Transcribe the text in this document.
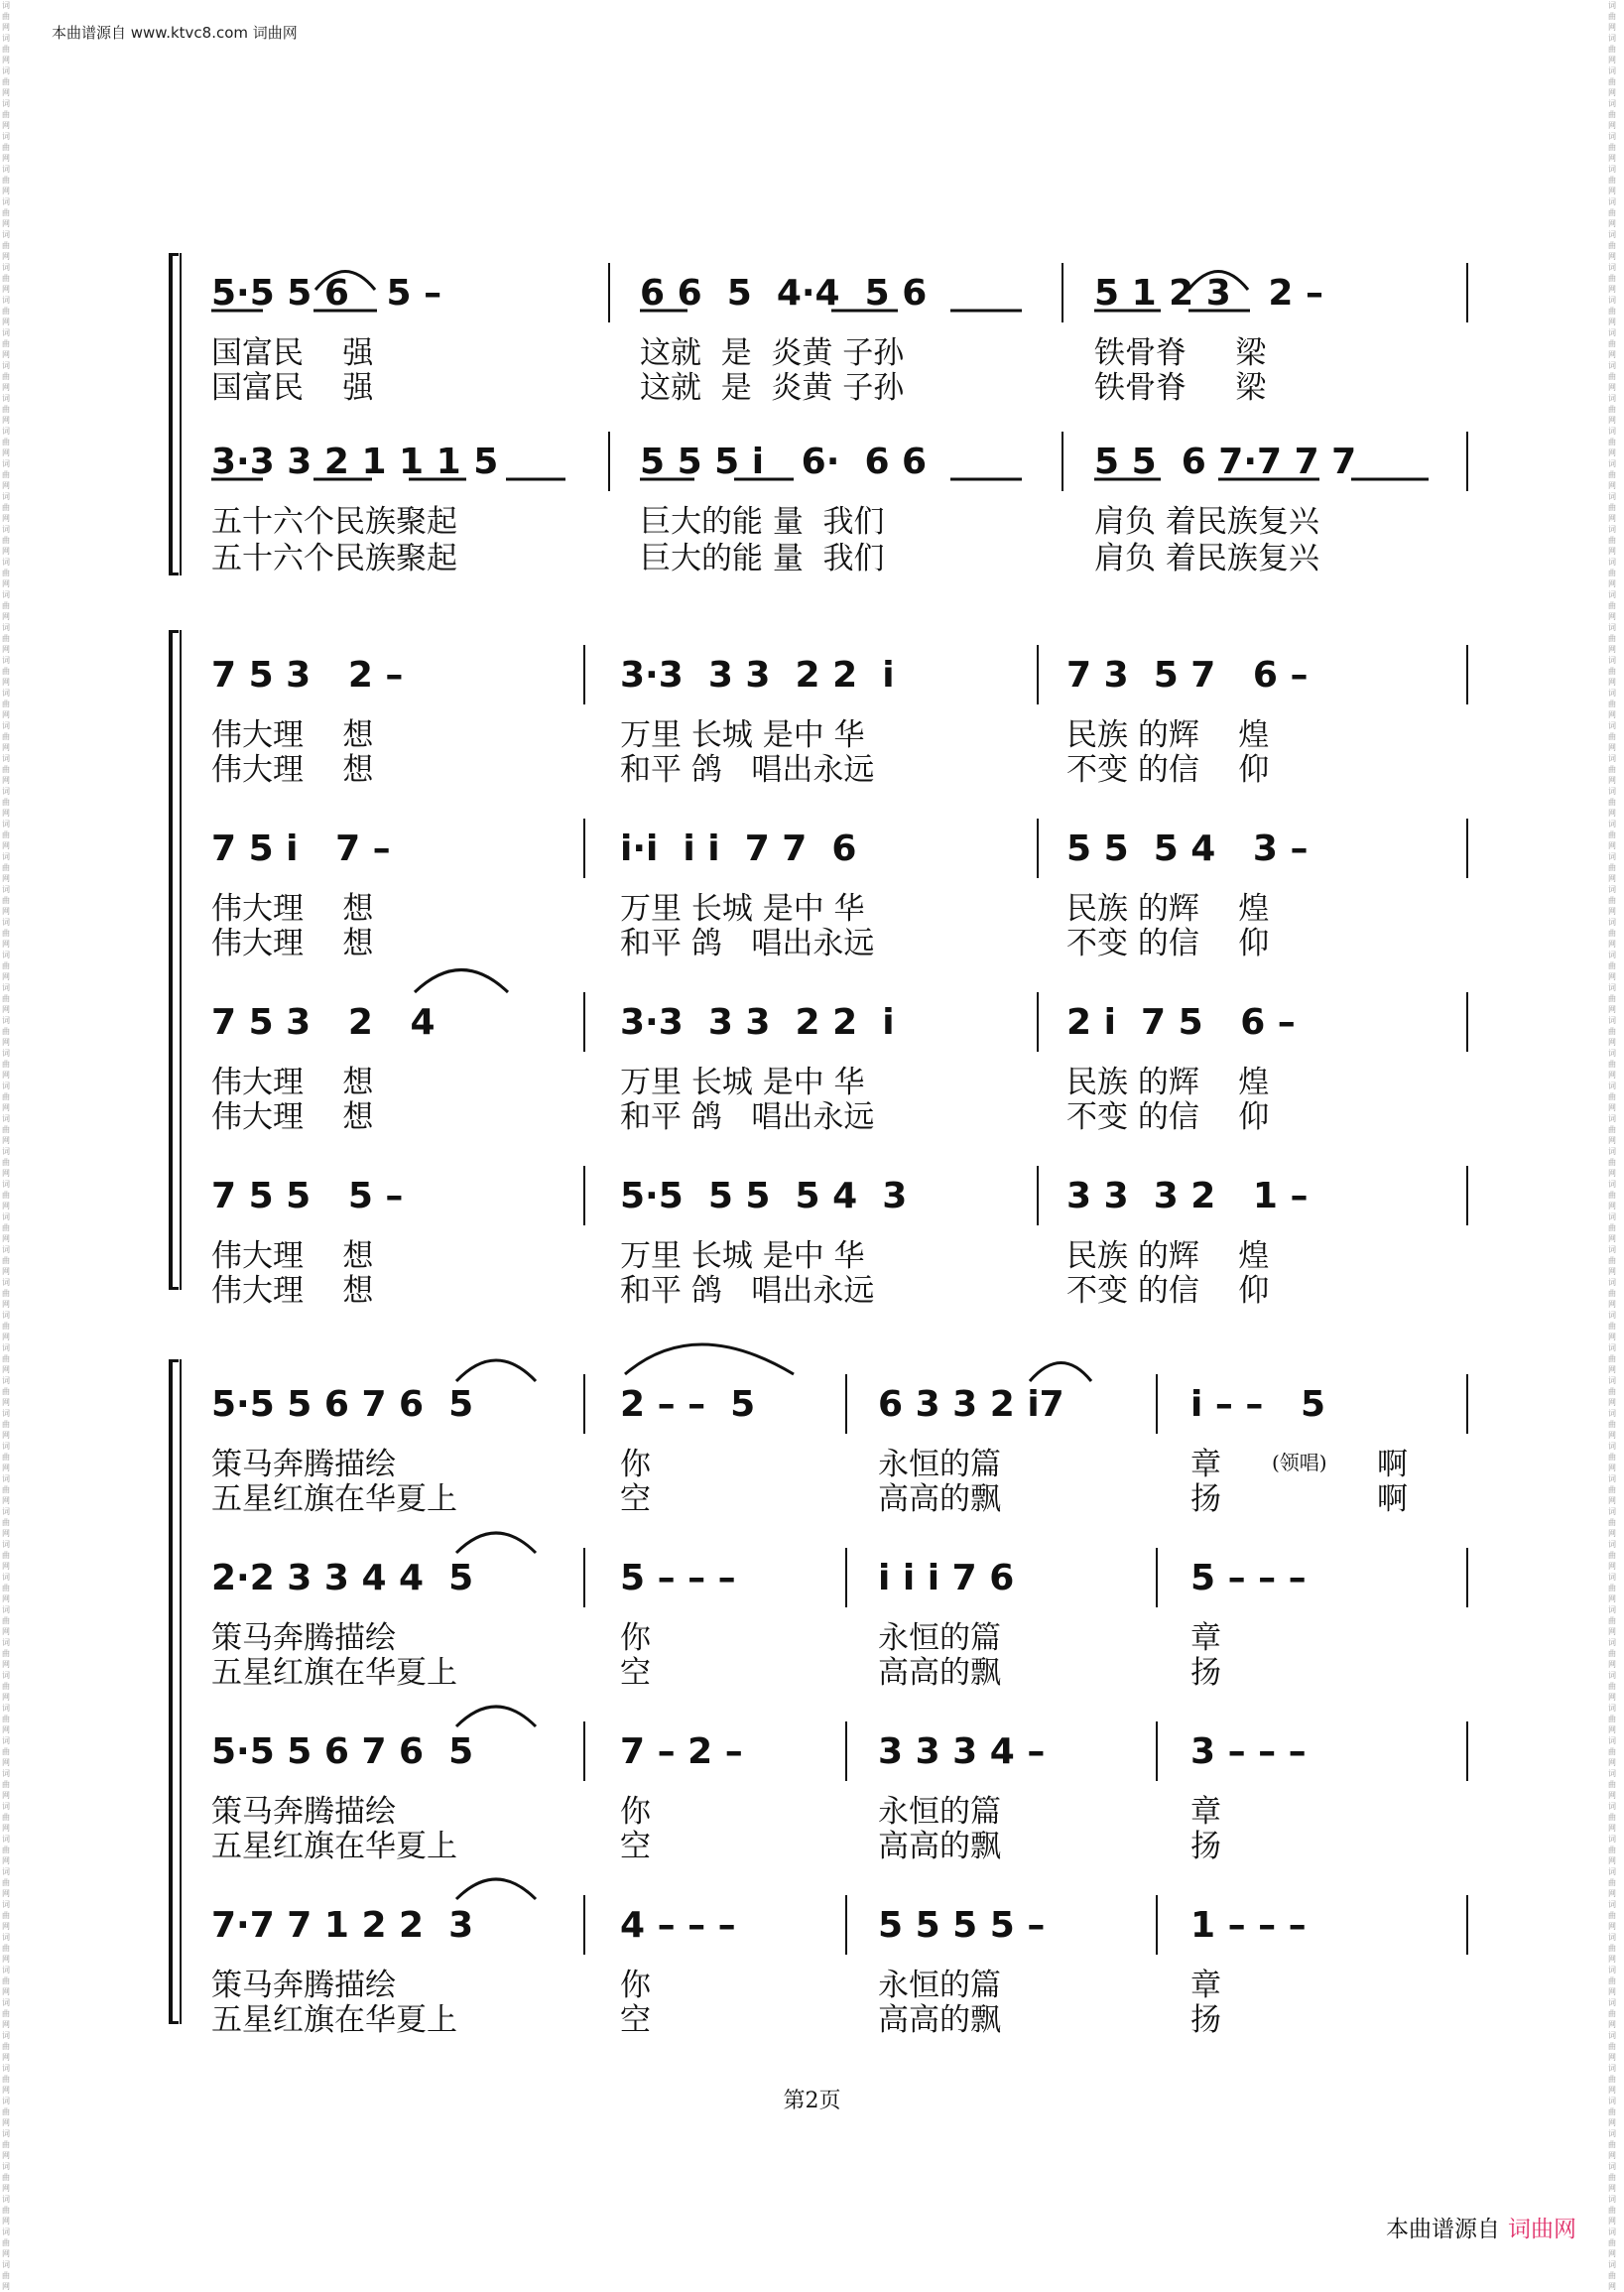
本曲谱源自 www.ktvc8.com 词曲网
词 曲 网 词 曲 网 词 曲 网 词 曲 网 词 曲 网 词 曲 网 词 曲 网 词 曲 网 词 曲 网 词 曲 网 词 曲 网 词 曲 网 词 曲 网 词 曲 网 词 曲 网 词 曲 网 词 曲 网 词 曲 网 词 曲 网 词 曲 网 词 曲 网 词 曲 网 词 曲 网 词 曲 网 词 曲 网 词 曲 网 词 曲 网 词 曲 网 词 曲 网 词 曲 网 词 曲 网 词 曲 网 词 曲 网 词 曲 网 词 曲 网 词 曲 网 词 曲 网 词 曲 网 词 曲 网 词 曲 网 词 曲 网 词 曲 网 词 曲 网 词 曲 网 词 曲 网 词 曲 网 词 曲 网 词 曲 网 词 曲 网 词 曲 网 词 曲 网 词 曲 网 词 曲 网 词 曲 网 词 曲 网 词 曲 网 词 曲 网 词 曲 网 词 曲 网 词 曲 网 词 曲 网 词 曲 网 词 曲 网 词 曲 网 词 曲 网 词 曲 网 词 曲 网 词 曲 网 词 曲 网 词 曲 网
词 曲 网 词 曲 网 词 曲 网 词 曲 网 词 曲 网 词 曲 网 词 曲 网 词 曲 网 词 曲 网 词 曲 网 词 曲 网 词 曲 网 词 曲 网 词 曲 网 词 曲 网 词 曲 网 词 曲 网 词 曲 网 词 曲 网 词 曲 网 词 曲 网 词 曲 网 词 曲 网 词 曲 网 词 曲 网 词 曲 网 词 曲 网 词 曲 网 词 曲 网 词 曲 网 词 曲 网 词 曲 网 词 曲 网 词 曲 网 词 曲 网 词 曲 网 词 曲 网 词 曲 网 词 曲 网 词 曲 网 词 曲 网 词 曲 网 词 曲 网 词 曲 网 词 曲 网 词 曲 网 词 曲 网 词 曲 网 词 曲 网 词 曲 网 词 曲 网 词 曲 网 词 曲 网 词 曲 网 词 曲 网 词 曲 网 词 曲 网 词 曲 网 词 曲 网 词 曲 网 词 曲 网 词 曲 网 词 曲 网 词 曲 网 词 曲 网 词 曲 网 词 曲 网 词 曲 网 词 曲 网 词 曲 网
5·5 5 6   5 –	6 6  5  4·4  5 6	5 1 2 3   2 –
国富民    强	这就  是  炎黄 子孙	铁骨脊     梁
国富民    强	这就  是  炎黄 子孙	铁骨脊     梁
3·3 3 2 1 1 1 5	5 5 5 i   6·  6 6	5 5  6 7·7 7 7
五十六个民族聚起	巨大的能 量  我们	肩负 着民族复兴
五十六个民族聚起	巨大的能 量  我们	肩负 着民族复兴
7 5 3   2 –	3·3  3 3  2 2  i	7 3  5 7   6 –
伟大理    想	万里 长城 是中 华	民族 的辉    煌
伟大理    想	和平 鸽   唱出永远	不变 的信    仰
7 5 i   7 –	i·i  i i  7 7  6	5 5  5 4   3 –
伟大理    想	万里 长城 是中 华	民族 的辉    煌
伟大理    想	和平 鸽   唱出永远	不变 的信    仰
7 5 3   2   4	3·3  3 3  2 2  i	2 i  7 5   6 –
伟大理    想	万里 长城 是中 华	民族 的辉    煌
伟大理    想	和平 鸽   唱出永远	不变 的信    仰
7 5 5   5 –	5·5  5 5  5 4  3	3 3  3 2   1 –
伟大理    想	万里 长城 是中 华	民族 的辉    煌
伟大理    想	和平 鸽   唱出永远	不变 的信    仰
5·5 5 6 7 6  5	2 – –  5	6 3 3 2 i7	i – –   5
策马奔腾描绘	你	永恒的篇	章	啊
五星红旗在华夏上	空	高高的飘	扬	啊
(领唱)
2·2 3 3 4 4  5	5 – – –	i i i 7 6	5 – – –
策马奔腾描绘	你	永恒的篇	章
五星红旗在华夏上	空	高高的飘	扬
5·5 5 6 7 6  5	7 – 2 –	3 3 3 4 –	3 – – –
策马奔腾描绘	你	永恒的篇	章
五星红旗在华夏上	空	高高的飘	扬
7·7 7 1 2 2  3	4 – – –	5 5 5 5 –	1 – – –
策马奔腾描绘	你	永恒的篇	章
五星红旗在华夏上	空	高高的飘	扬
第2页
本曲谱源自 词曲网
